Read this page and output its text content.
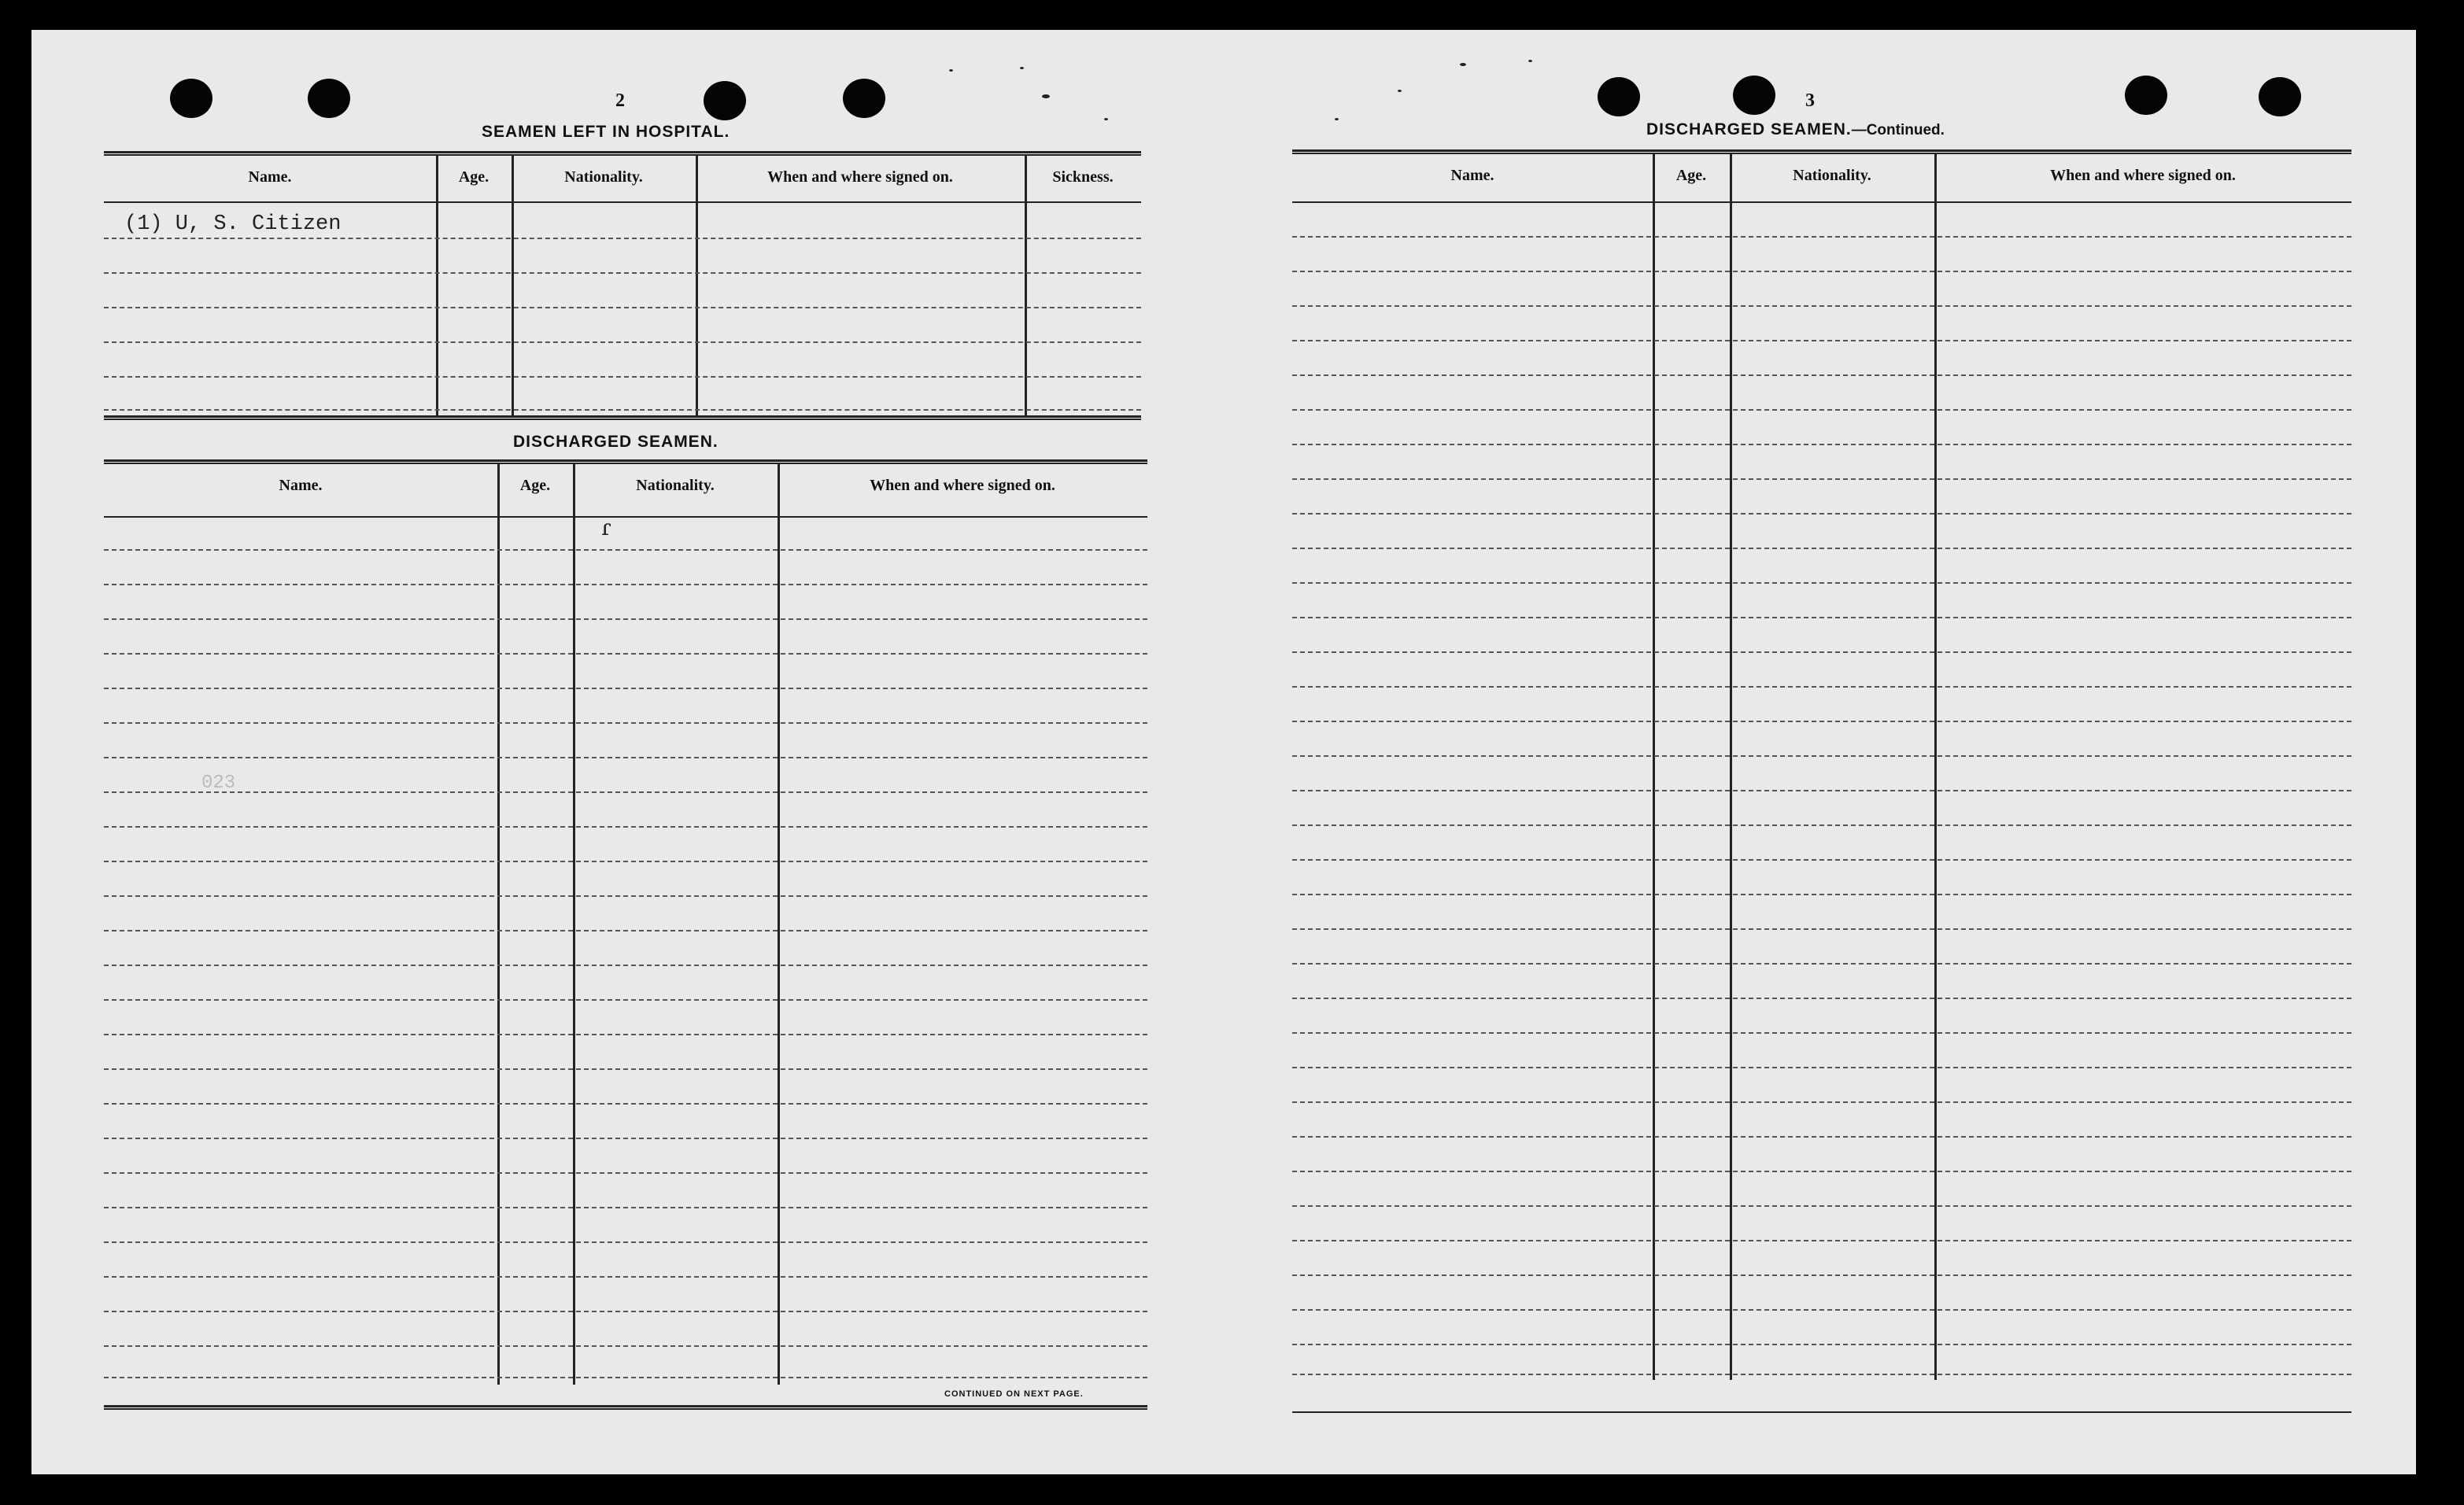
2
SEAMEN LEFT IN HOSPITAL.
Name.	Age.	Nationality.	When and where signed on.	Sickness.
(1) U, S. Citizen
DISCHARGED SEAMEN.
Name.	Age.	Nationality.	When and where signed on.
ɾ
023
CONTINUED ON NEXT PAGE.
3
DISCHARGED SEAMEN.—Continued.
Name.	Age.	Nationality.	When and where signed on.
